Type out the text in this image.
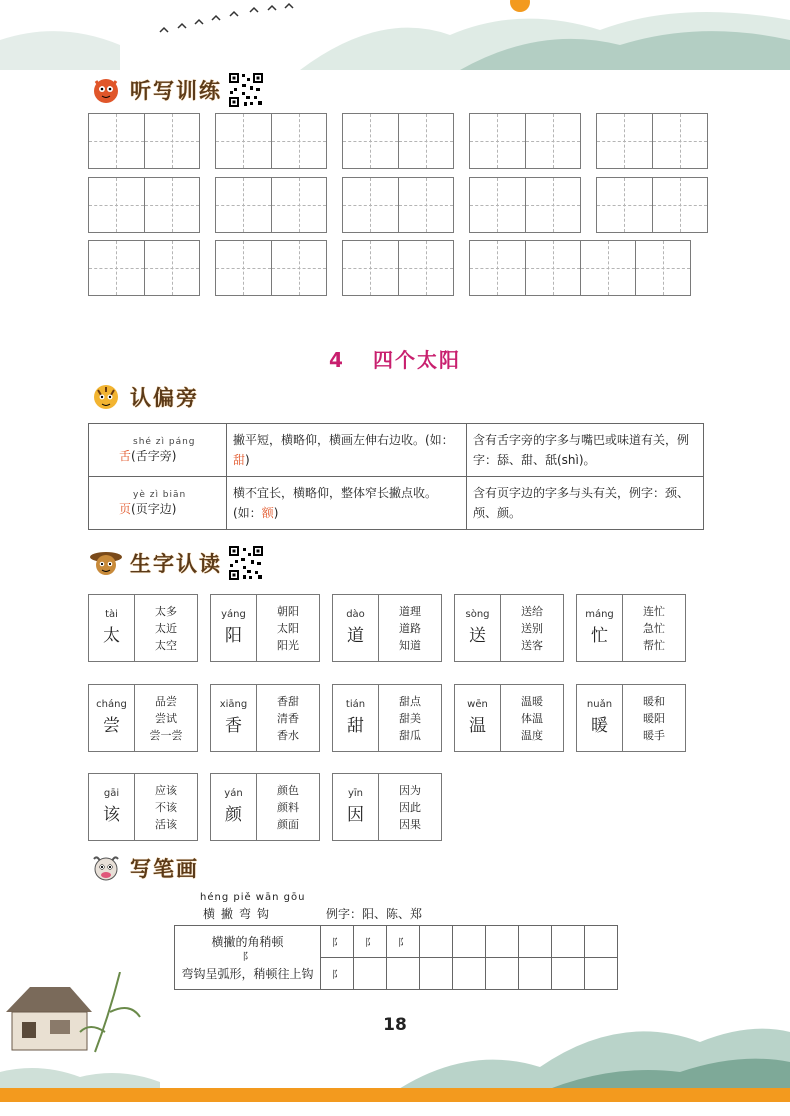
听写训练
4 四个太阳
认偏旁
shé zì páng
舌(舌字旁)	撇平短，横略仰，横画左伸右边收。(如：甜)	含有舌字旁的字多与嘴巴或味道有关，例字：舔、甜、舐(shì)。

yè zì biān
页(页字边)	横不宜长，横略仰，整体窄长撇点收。(如：额)	含有页字边的字多与头有关，例字：颈、颅、颜。
生字认读
tài
太
太多
太近
太空
yáng
阳
朝阳
太阳
阳光
dào
道
道理
道路
知道
sòng
送
送给
送别
送客
máng
忙
连忙
急忙
帮忙
cháng
尝
品尝
尝试
尝一尝
xiāng
香
香甜
清香
香水
tián
甜
甜点
甜美
甜瓜
wēn
温
温暖
体温
温度
nuǎn
暖
暖和
暖阳
暖手
gāi
该
应该
不该
活该
yán
颜
颜色
颜料
颜面
yīn
因
因为
因此
因果
写笔画
héng piě wān gōu
横撇弯钩	例字：阳、陈、郑
横撇的角稍顿
⻖
弯钩呈弧形，稍顿往上钩	⻖	⻖	⻖						
	⻖								
18
